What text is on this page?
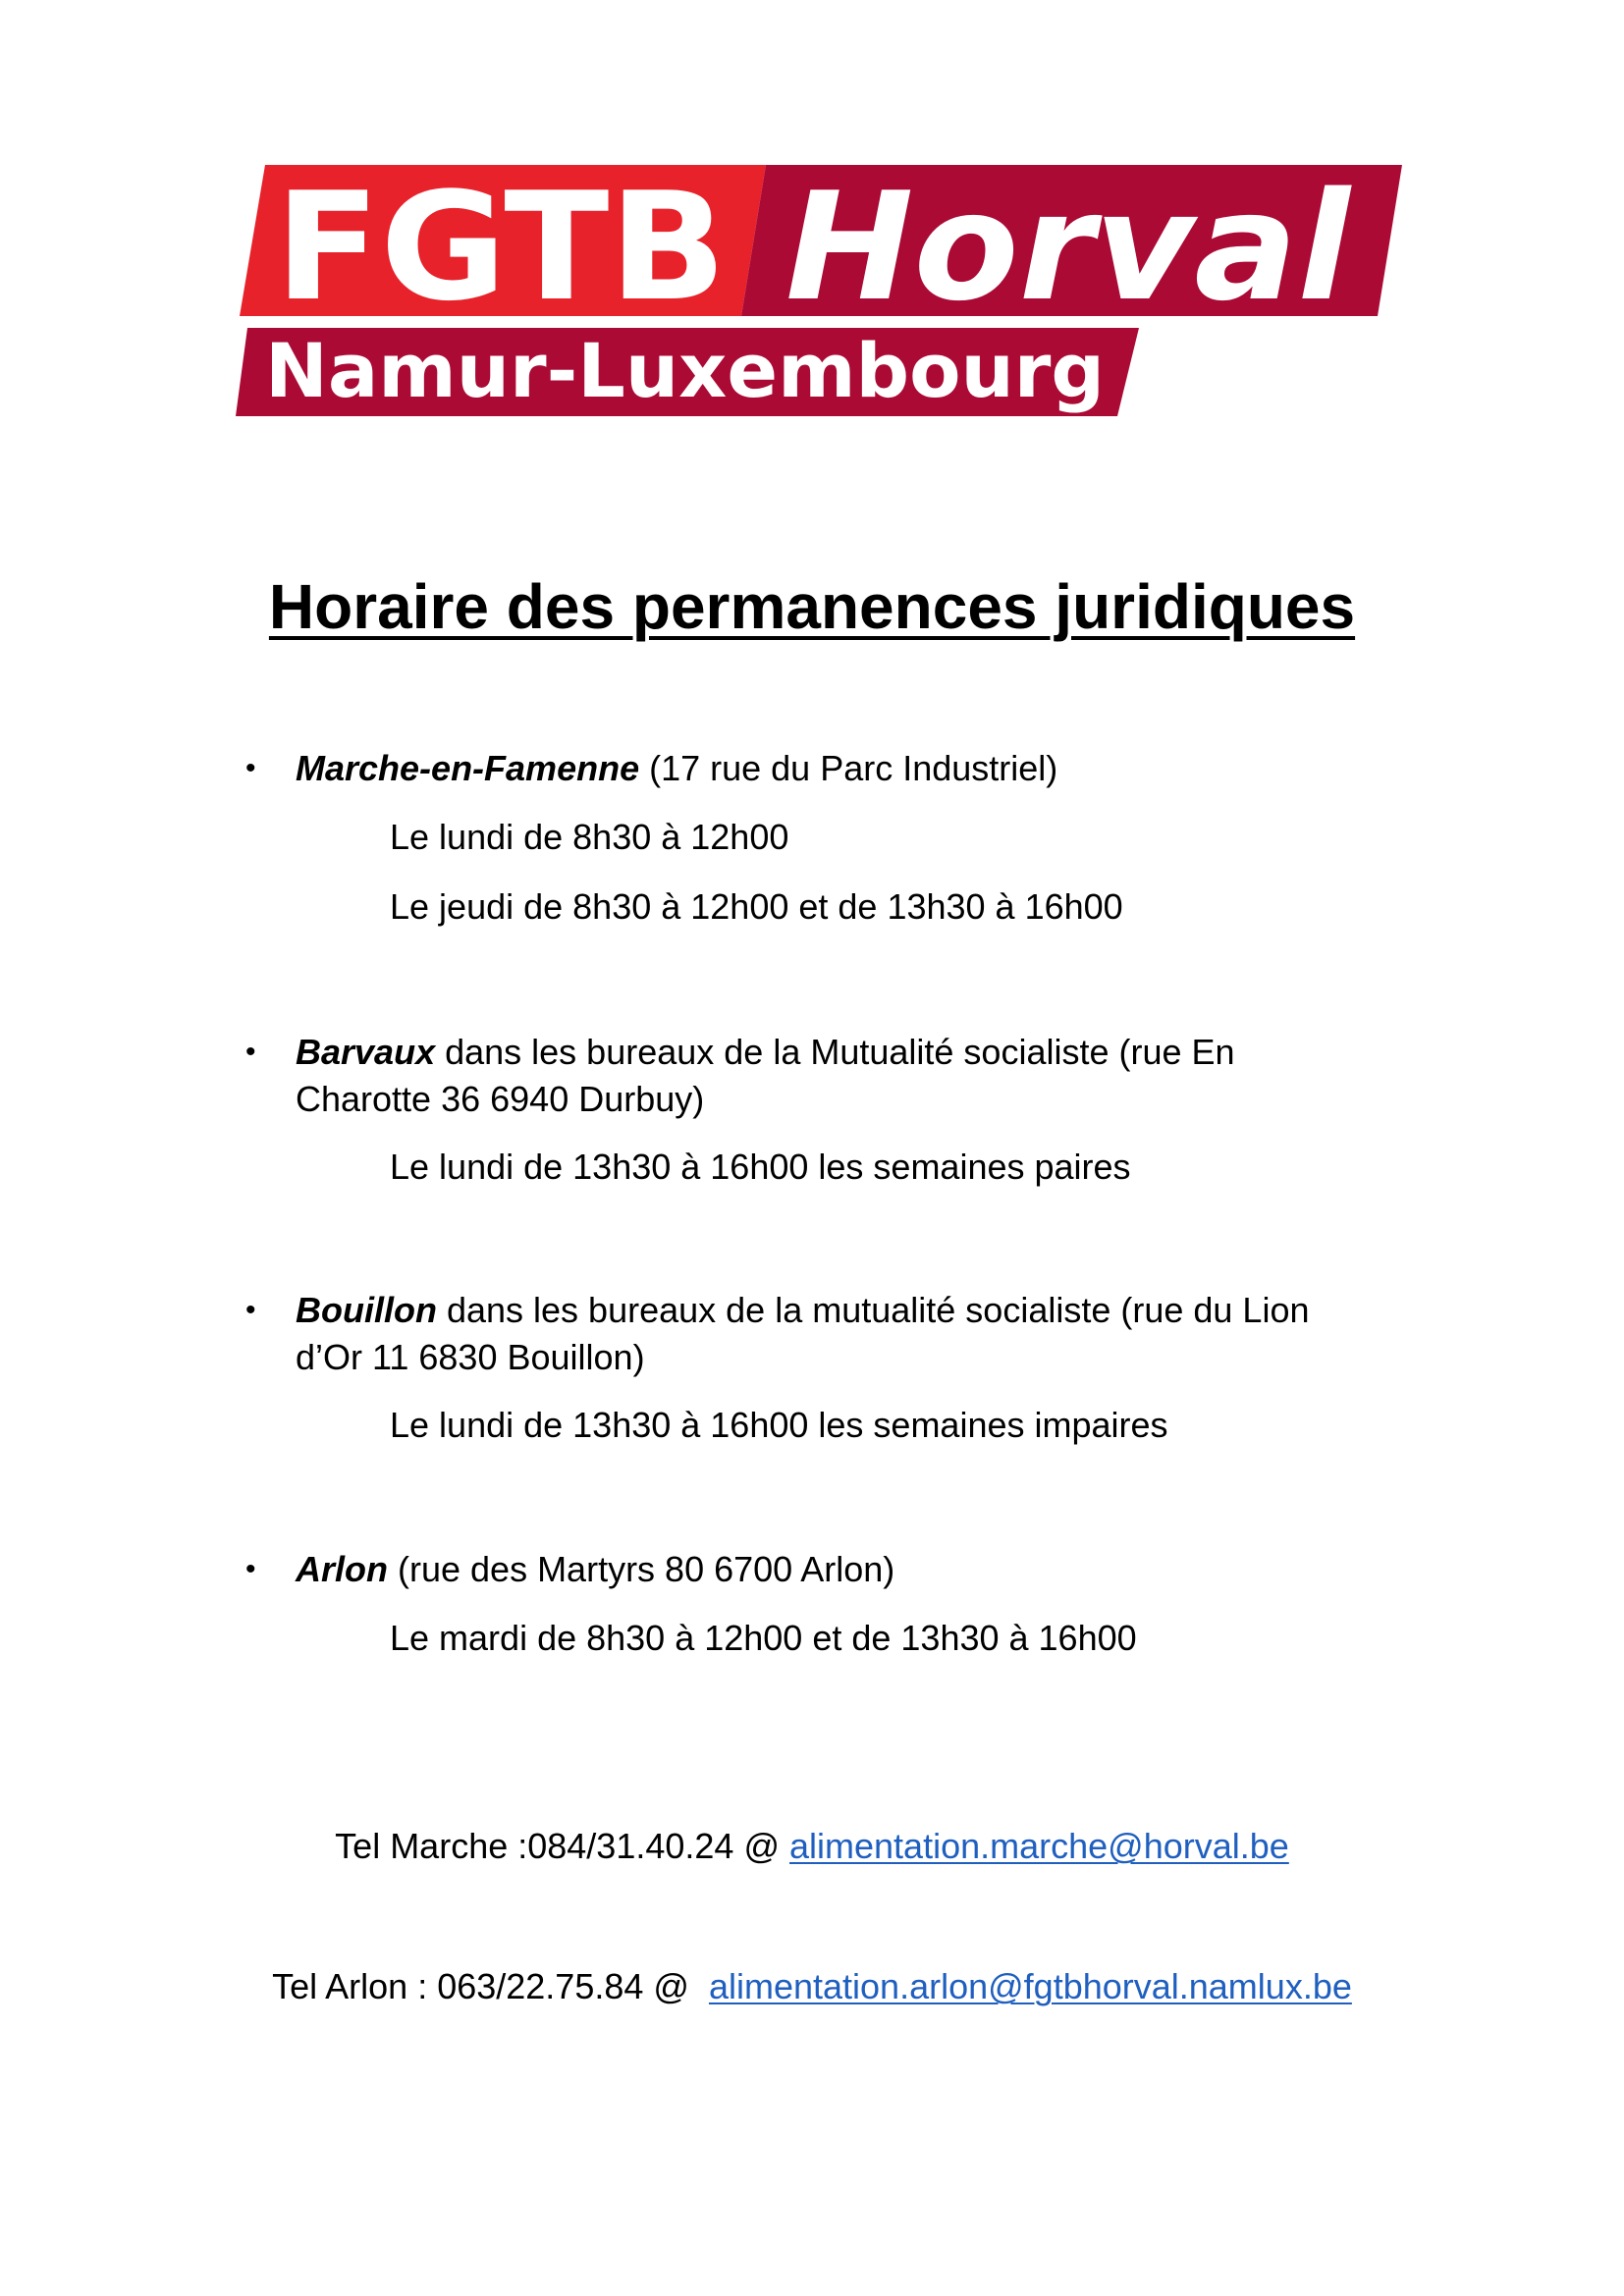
FGTB Horval
Namur-Luxembourg
Horaire des permanences juridiques
• Marche-en-Famenne (17 rue du Parc Industriel)
Le lundi de 8h30 à 12h00
Le jeudi de 8h30 à 12h00 et de 13h30 à 16h00
• Barvaux dans les bureaux de la Mutualité socialiste (rue En
Charotte 36 6940 Durbuy)
Le lundi de 13h30 à 16h00 les semaines paires
• Bouillon dans les bureaux de la mutualité socialiste (rue du Lion
d’Or 11 6830 Bouillon)
Le lundi de 13h30 à 16h00 les semaines impaires
• Arlon (rue des Martyrs 80 6700 Arlon)
Le mardi de 8h30 à 12h00 et de 13h30 à 16h00
Tel Marche :084/31.40.24 @ alimentation.marche@horval.be
Tel Arlon : 063/22.75.84 @  alimentation.arlon@fgtbhorval.namlux.be
